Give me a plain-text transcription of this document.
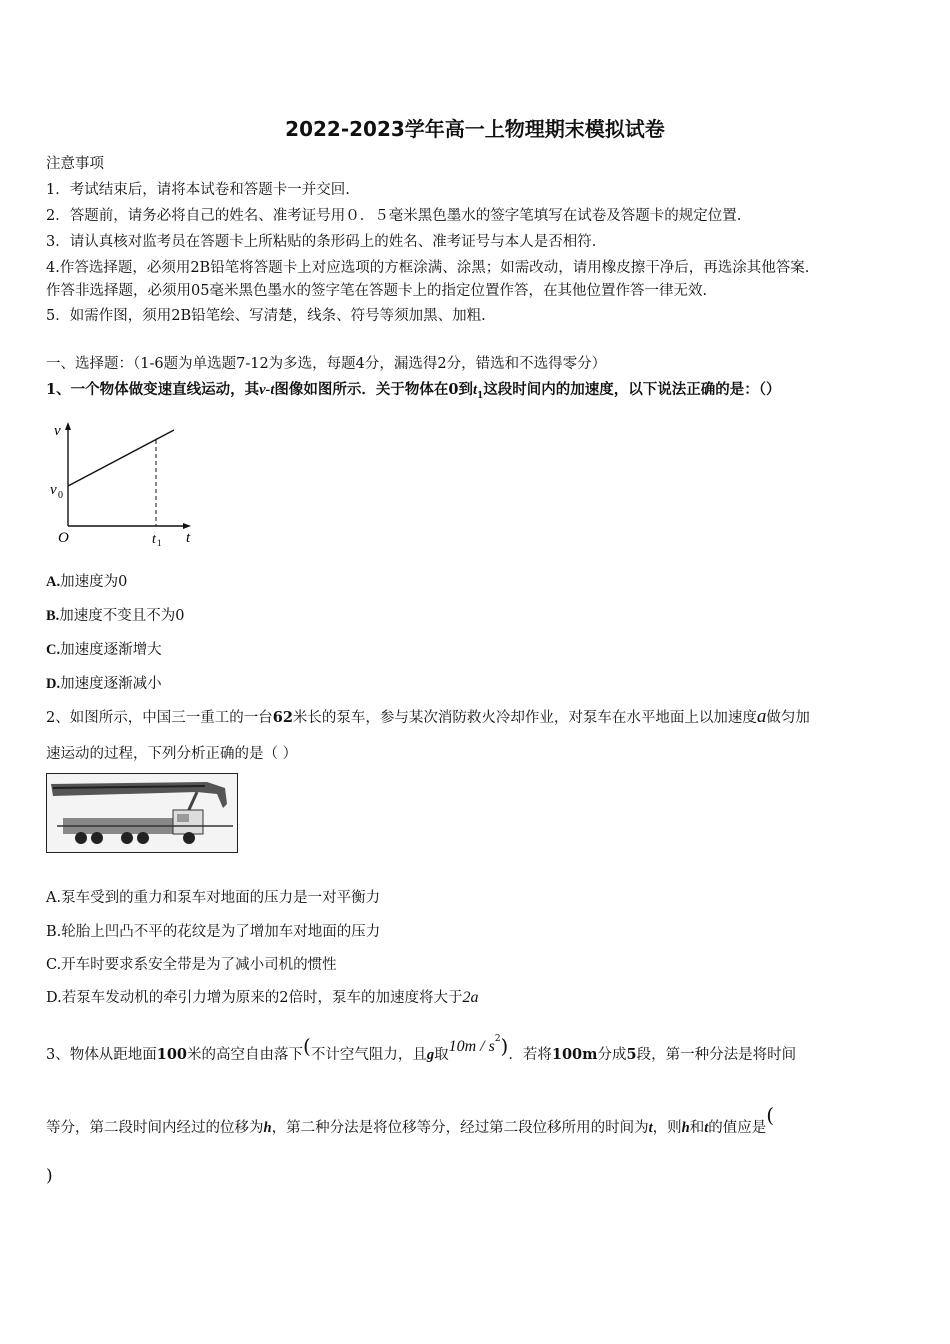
2022-2023学年高一上物理期末模拟试卷
注意事项
1．考试结束后，请将本试卷和答题卡一并交回.
2．答题前，请务必将自己的姓名、准考证号用０．５毫米黑色墨水的签字笔填写在试卷及答题卡的规定位置.
3．请认真核对监考员在答题卡上所粘贴的条形码上的姓名、准考证号与本人是否相符.
4.作答选择题，必须用2B铅笔将答题卡上对应选项的方框涂满、涂黑；如需改动，请用橡皮擦干净后，再选涂其他答案.
作答非选择题，必须用05毫米黑色墨水的签字笔在答题卡上的指定位置作答，在其他位置作答一律无效.
5．如需作图，须用2B铅笔绘、写清楚，线条、符号等须加黑、加粗.
一、选择题：（1-6题为单选题7-12为多选，每题4分，漏选得2分，错选和不选得零分）
1、一个物体做变速直线运动，其v-t图像如图所示．关于物体在0到$t_1$这段时间内的加速度，以下说法正确的是：（）
v
v 0
O	t 1 t
A.加速度为0
B.加速度不变且不为0
C.加速度逐渐增大
D.加速度逐渐减小
2、如图所示，中国三一重工的一台62米长的泵车，参与某次消防救火冷却作业，对泵车在水平地面上以加速度a做匀加
速运动的过程，下列分析正确的是（ ）
A.泵车受到的重力和泵车对地面的压力是一对平衡力
B.轮胎上凹凸不平的花纹是为了增加车对地面的压力
C.开车时要求系安全带是为了减小司机的惯性
D.若泵车发动机的牵引力增为原来的2倍时，泵车的加速度将大于2a
3、物体从距地面100米的高空自由落下(不计空气阻力，且g取$10m / s^2$)．若将100m分成5段，第一种分法是将时间
等分，第二段时间内经过的位移为h，第二种分法是将位移等分，经过第二段位移所用的时间为t，则h和t的值应是(
)
